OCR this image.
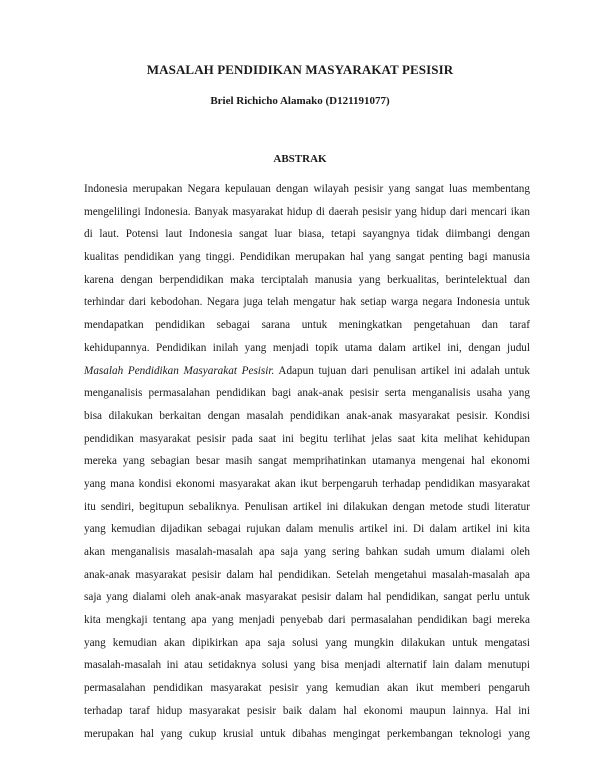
MASALAH PENDIDIKAN MASYARAKAT PESISIR
Briel Richicho Alamako (D121191077)
ABSTRAK
Indonesia merupakan Negara kepulauan dengan wilayah pesisir yang sangat luas membentang
mengelilingi Indonesia. Banyak masyarakat hidup di daerah pesisir yang hidup dari mencari ikan
di laut. Potensi laut Indonesia sangat luar biasa, tetapi sayangnya tidak diimbangi dengan
kualitas pendidikan yang tinggi. Pendidikan merupakan hal yang sangat penting bagi manusia
karena dengan berpendidikan maka terciptalah manusia yang berkualitas, berintelektual dan
terhindar dari kebodohan. Negara juga telah mengatur hak setiap warga negara Indonesia untuk
mendapatkan pendidikan sebagai sarana untuk meningkatkan pengetahuan dan taraf
kehidupannya. Pendidikan inilah yang menjadi topik utama dalam artikel ini, dengan judul
Masalah Pendidikan Masyarakat Pesisir. Adapun tujuan dari penulisan artikel ini adalah untuk
menganalisis permasalahan pendidikan bagi anak-anak pesisir serta menganalisis usaha yang
bisa dilakukan berkaitan dengan masalah pendidikan anak-anak masyarakat pesisir. Kondisi
pendidikan masyarakat pesisir pada saat ini begitu terlihat jelas saat kita melihat kehidupan
mereka yang sebagian besar masih sangat memprihatinkan utamanya mengenai hal ekonomi
yang mana kondisi ekonomi masyarakat akan ikut berpengaruh terhadap pendidikan masyarakat
itu sendiri, begitupun sebaliknya. Penulisan artikel ini dilakukan dengan metode studi literatur
yang kemudian dijadikan sebagai rujukan dalam menulis artikel ini. Di dalam artikel ini kita
akan menganalisis masalah-masalah apa saja yang sering bahkan sudah umum dialami oleh
anak-anak masyarakat pesisir dalam hal pendidikan. Setelah mengetahui masalah-masalah apa
saja yang dialami oleh anak-anak masyarakat pesisir dalam hal pendidikan, sangat perlu untuk
kita mengkaji tentang apa yang menjadi penyebab dari permasalahan pendidikan bagi mereka
yang kemudian akan dipikirkan apa saja solusi yang mungkin dilakukan untuk mengatasi
masalah-masalah ini atau setidaknya solusi yang bisa menjadi alternatif lain dalam menutupi
permasalahan pendidikan masyarakat pesisir yang kemudian akan ikut memberi pengaruh
terhadap taraf hidup masyarakat pesisir baik dalam hal ekonomi maupun lainnya. Hal ini
merupakan hal yang cukup krusial untuk dibahas mengingat perkembangan teknologi yang
